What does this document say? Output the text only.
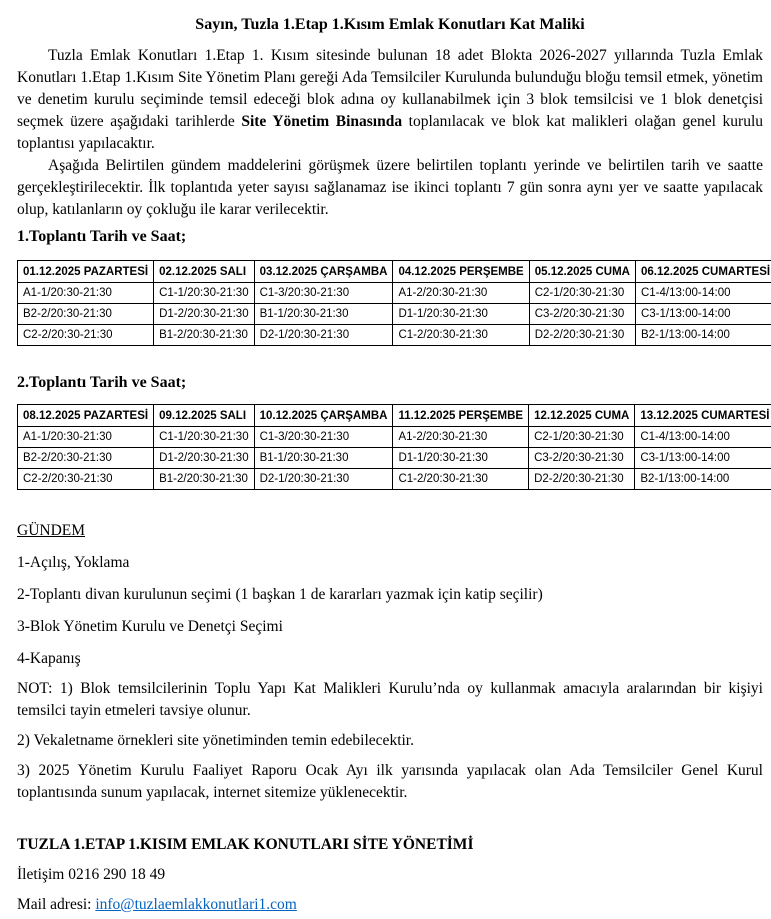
Sayın, Tuzla 1.Etap 1.Kısım Emlak Konutları Kat Maliki

Tuzla Emlak Konutları 1.Etap 1. Kısım sitesinde bulunan 18 adet Blokta 2026-2027 yıllarında Tuzla Emlak Konutları 1.Etap 1.Kısım Site Yönetim Planı gereği Ada Temsilciler Kurulunda bulunduğu bloğu temsil etmek, yönetim ve denetim kurulu seçiminde temsil edeceği blok adına oy kullanabilmek için 3 blok temsilcisi ve 1 blok denetçisi seçmek üzere aşağıdaki tarihlerde Site Yönetim Binasında toplanılacak ve blok kat malikleri olağan genel kurulu toplantısı yapılacaktır.

Aşağıda Belirtilen gündem maddelerini görüşmek üzere belirtilen toplantı yerinde ve belirtilen tarih ve saatte gerçekleştirilecektir. İlk toplantıda yeter sayısı sağlanamaz ise ikinci toplantı 7 gün sonra aynı yer ve saatte yapılacak olup, katılanların oy çokluğu ile karar verilecektir.

1.Toplantı Tarih ve Saat;
01.12.2025 PAZARTESİ	02.12.2025 SALI	03.12.2025 ÇARŞAMBA	04.12.2025 PERŞEMBE	05.12.2025 CUMA	06.12.2025 CUMARTESİ
A1-1/20:30-21:30	C1-1/20:30-21:30	C1-3/20:30-21:30	A1-2/20:30-21:30	C2-1/20:30-21:30	C1-4/13:00-14:00
B2-2/20:30-21:30	D1-2/20:30-21:30	B1-1/20:30-21:30	D1-1/20:30-21:30	C3-2/20:30-21:30	C3-1/13:00-14:00
C2-2/20:30-21:30	B1-2/20:30-21:30	D2-1/20:30-21:30	C1-2/20:30-21:30	D2-2/20:30-21:30	B2-1/13:00-14:00
2.Toplantı Tarih ve Saat;
08.12.2025 PAZARTESİ	09.12.2025 SALI	10.12.2025 ÇARŞAMBA	11.12.2025 PERŞEMBE	12.12.2025 CUMA	13.12.2025 CUMARTESİ
A1-1/20:30-21:30	C1-1/20:30-21:30	C1-3/20:30-21:30	A1-2/20:30-21:30	C2-1/20:30-21:30	C1-4/13:00-14:00
B2-2/20:30-21:30	D1-2/20:30-21:30	B1-1/20:30-21:30	D1-1/20:30-21:30	C3-2/20:30-21:30	C3-1/13:00-14:00
C2-2/20:30-21:30	B1-2/20:30-21:30	D2-1/20:30-21:30	C1-2/20:30-21:30	D2-2/20:30-21:30	B2-1/13:00-14:00
GÜNDEM

1-Açılış, Yoklama

2-Toplantı divan kurulunun seçimi (1 başkan 1 de kararları yazmak için katip seçilir)

3-Blok Yönetim Kurulu ve Denetçi Seçimi

4-Kapanış

NOT: 1) Blok temsilcilerinin Toplu Yapı Kat Malikleri Kurulu’nda oy kullanmak amacıyla aralarından bir kişiyi temsilci tayin etmeleri tavsiye olunur.

2) Vekaletname örnekleri site yönetiminden temin edebilecektir.

3) 2025 Yönetim Kurulu Faaliyet Raporu Ocak Ayı ilk yarısında yapılacak olan Ada Temsilciler Genel Kurul toplantısında sunum yapılacak, internet sitemize yüklenecektir.

TUZLA 1.ETAP 1.KISIM EMLAK KONUTLARI SİTE YÖNETİMİ
İletişim 0216 290 18 49
Mail adresi: info@tuzlaemlakkonutlari1.com
